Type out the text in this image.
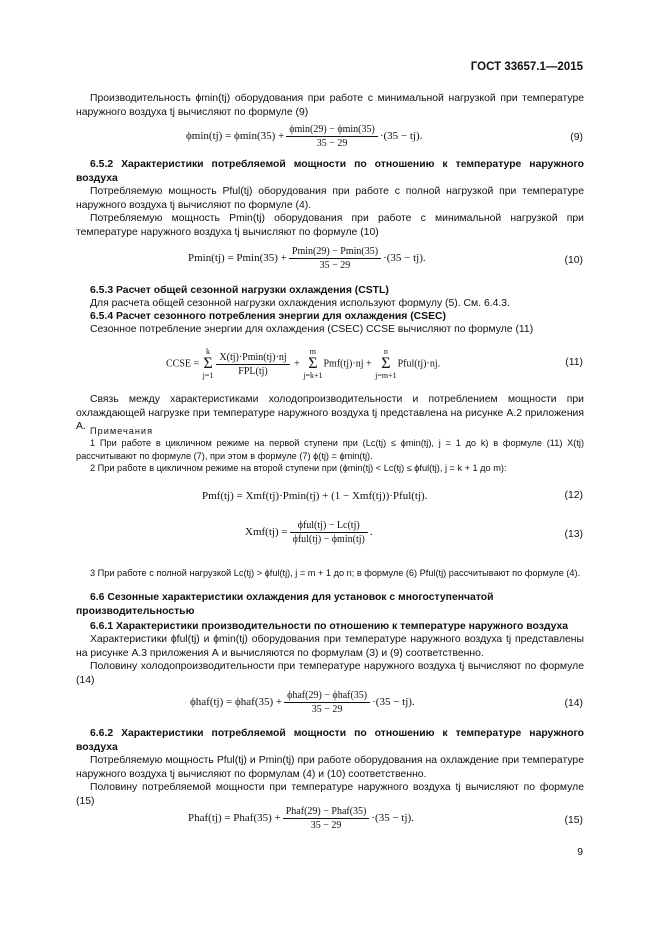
ГОСТ 33657.1—2015
Производительность ϕmin(tj) оборудования при работе с минимальной нагрузкой при температуре наружного воздуха tj вычисляют по формуле (9)
$\phi\min(tj) = \phi\min(35) + \frac{\phi\min(29) - \phi\min(35)}{35 - 29} \cdot(35 - tj)$.	(9)
6.5.2 Характеристики потребляемой мощности по отношению к температуре наружного воздуха
Потребляемую мощность Pful(tj) оборудования при работе с полной нагрузкой при температуре наружного воздуха tj вычисляют по формуле (4).
Потребляемую мощность Pmin(tj) оборудования при работе с минимальной нагрузкой при температуре наружного воздуха tj вычисляют по формуле (10)
$Pmin(tj) = Pmin(35) + \frac{Pmin(29) - Pmin(35)}{35 - 29} \cdot(35 - tj)$.	(10)
6.5.3 Расчет общей сезонной нагрузки охлаждения (CSTL)
Для расчета общей сезонной нагрузки охлаждения используют формулу (5). См. 6.4.3.
6.5.4 Расчет сезонного потребления энергии для охлаждения (CSEC)
Сезонное потребление энергии для охлаждения (CSEC) CCSE вычисляют по формуле (11)
CCSE = k
Σ
$j=1 \frac{X(tj)\cdot Pmin(tj)\cdot nj}{\text{FPL(tj)}} + m$
Σ
j=k+1Pmf(tj)·nj + n
Σ
j=m+1Pful(tj)·nj.	(11)
Связь между характеристиками холодопроизводительности и потреблением мощности при охлаждающей нагрузке при температуре наружного воздуха tj представлена на рисунке А.2 приложения А. Примечания
1 При работе в цикличном режиме на первой ступени при (Lc(tj) ≤ ϕmin(tj), j = 1 до k) в формуле (11) X(tj) рассчитывают по формуле (7), при этом в формуле (7) ϕ(tj) = ϕmin(tj).
2 При работе в цикличном режиме на второй ступени при (ϕmin(tj) < Lc(tj) ≤ ϕful(tj), j = k + 1 до m):
Pmf(tj) = Xmf(tj)·Pmin(tj) + (1 − Xmf(tj))·Pful(tj).	(12)
$Xmf(tj) = \frac{\text{ϕful(tj) − Lc(tj)}}{\text{ϕful(tj) − ϕmin(tj)}}$ .	(13)
3 При работе с полной нагрузкой Lc(tj) > ϕful(tj), j = m + 1 до n; в формуле (6) Pful(tj) рассчитывают по формуле (4).
6.6 Сезонные характеристики охлаждения для установок с многоступенчатой производительностью
6.6.1 Характеристики производительности по отношению к температуре наружного воздуха
Характеристики ϕful(tj) и ϕmin(tj) оборудования при температуре наружного воздуха tj представлены на рисунке А.3 приложения А и вычисляются по формулам (3) и (9) соответственно.
Половину холодопроизводительности при температуре наружного воздуха tj вычисляют по формуле (14)
$\phi haf(tj) = \phi haf(35) + \frac{\text{ϕhaf(29) − ϕhaf(35)}}{35 - 29} \cdot(35 - tj)$.	(14)
6.6.2 Характеристики потребляемой мощности по отношению к температуре наружного воздуха
Потребляемую мощность Pful(tj) и Pmin(tj) при работе оборудования на охлаждение при температуре наружного воздуха tj вычисляют по формулам (4) и (10) соответственно.
Половину потребляемой мощности при температуре наружного воздуха tj вычисляют по формуле (15)
Phaf(tj) = Phaf(35) + $\frac{\text{Phaf(29) − Phaf(35)}}{35 - 29} \cdot(35 - tj)$.	(15)
9
